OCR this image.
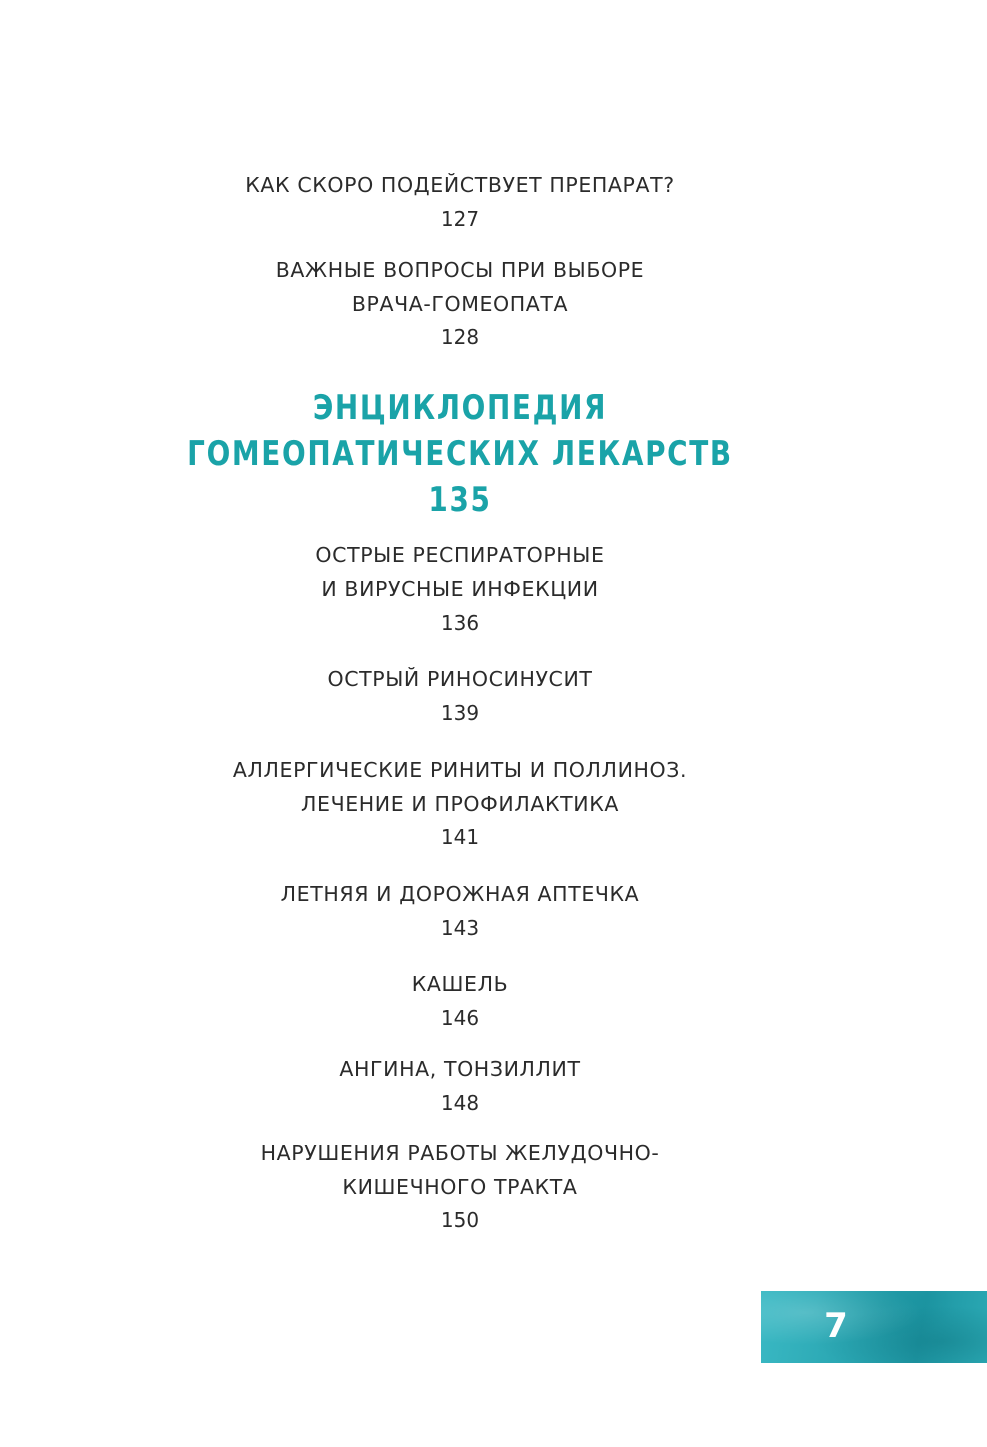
КАК СКОРО ПОДЕЙСТВУЕТ ПРЕПАРАТ?
127
ВАЖНЫЕ ВОПРОСЫ ПРИ ВЫБОРЕ
ВРАЧА-ГОМЕОПАТА
128
ЭНЦИКЛОПЕДИЯ
ГОМЕОПАТИЧЕСКИХ ЛЕКАРСТВ
135
ОСТРЫЕ РЕСПИРАТОРНЫЕ
И ВИРУСНЫЕ ИНФЕКЦИИ
136
ОСТРЫЙ РИНОСИНУСИТ
139
АЛЛЕРГИЧЕСКИЕ РИНИТЫ И ПОЛЛИНОЗ.
ЛЕЧЕНИЕ И ПРОФИЛАКТИКА
141
ЛЕТНЯЯ И ДОРОЖНАЯ АПТЕЧКА
143
КАШЕЛЬ
146
АНГИНА, ТОНЗИЛЛИТ
148
НАРУШЕНИЯ РАБОТЫ ЖЕЛУДОЧНО-
КИШЕЧНОГО ТРАКТА
150
7
